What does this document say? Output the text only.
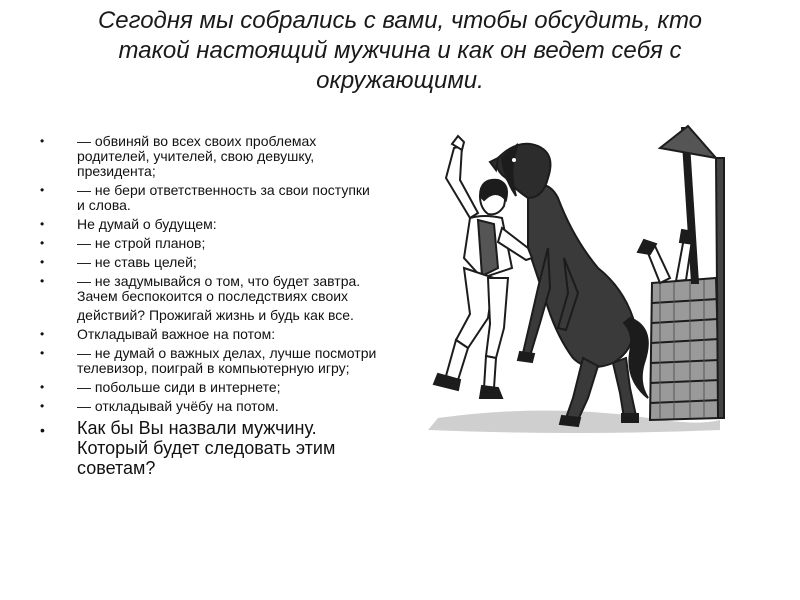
Сегодня мы собрались с вами, чтобы обсудить, кто
такой настоящий мужчина и как он ведет себя с
окружающими.
• — обвиняй во всех своих проблемах родителей, учителей, свою девушку, президента;
• — не бери ответственность за свои поступки и слова.
• Не думай о будущем:
• — не строй планов;
• — не ставь целей;
• — не задумывайся о том, что будет завтра. Зачем беспокоится о последствиях своих
действий? Прожигай жизнь и будь как все.
• Откладывай важное на потом:
• — не думай о важных делах, лучше посмотри телевизор, поиграй в компьютерную игру;
• — побольше сиди в интернете;
• — откладывай учёбу на потом.
• Как бы Вы назвали мужчину. Который будет следовать этим советам?
